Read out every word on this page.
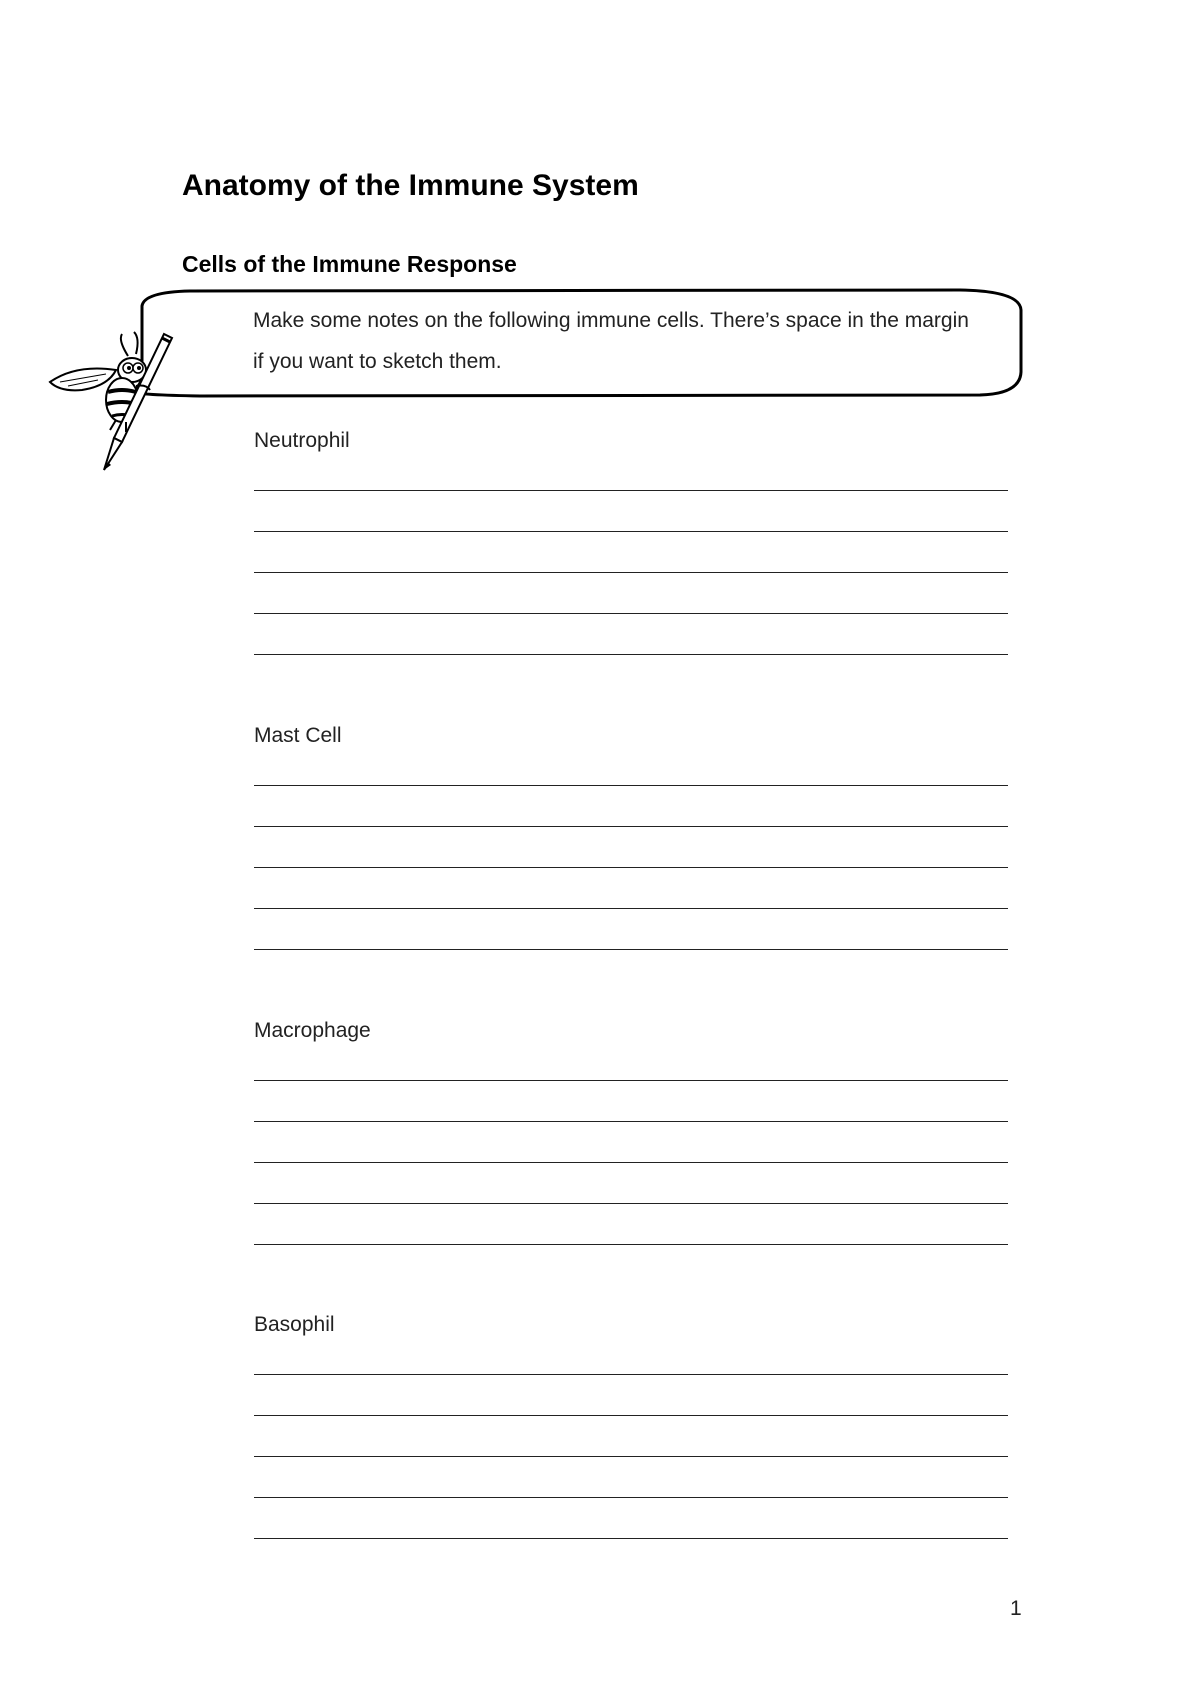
Anatomy of the Immune System
Cells of the Immune Response
Make some notes on the following immune cells. There’s space in the margin if you want to sketch them.
Neutrophil
Mast Cell
Macrophage
Basophil
1
